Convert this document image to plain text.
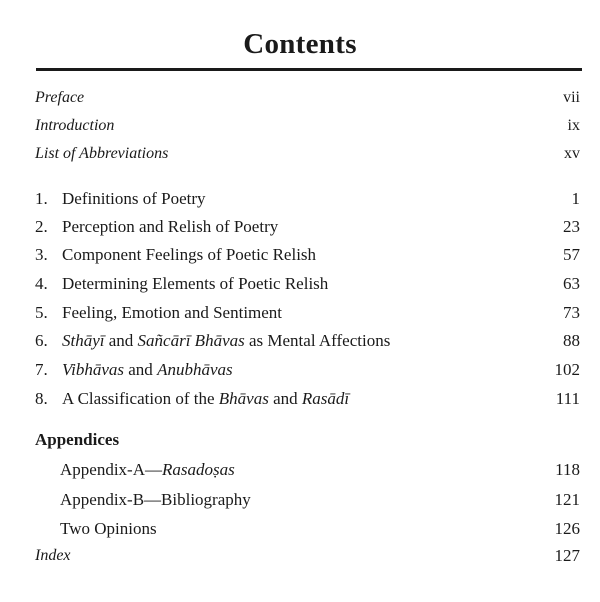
Contents
Preface	vii
Introduction	ix
List of Abbreviations	xv
1. Definitions of Poetry	1
2. Perception and Relish of Poetry	23
3. Component Feelings of Poetic Relish	57
4. Determining Elements of Poetic Relish	63
5. Feeling, Emotion and Sentiment	73
6. Sthāyī and Sañcārī Bhāvas as Mental Affections	88
7. Vibhāvas and Anubhāvas	102
8. A Classification of the Bhāvas and Rasādī	111
Appendices
Appendix-A—Rasadoṣas	118
Appendix-B—Bibliography	121
Two Opinions	126
Index	127
